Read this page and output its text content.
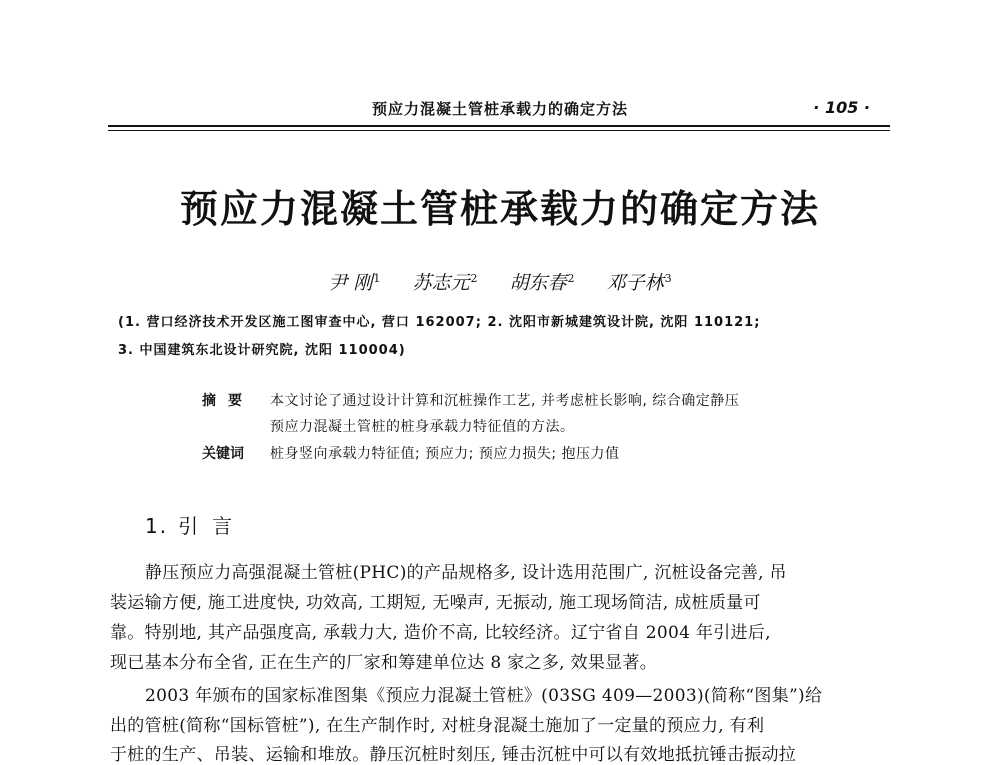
预应力混凝土管桩承载力的确定方法	· 105 ·
预应力混凝土管桩承载力的确定方法
尹 刚$^1$ 苏志元$^2$ 胡东春$^2$ 邓子林$^3$
(1. 营口经济技术开发区施工图审查中心, 营口 162007; 2. 沈阳市新城建筑设计院, 沈阳 110121;
3. 中国建筑东北设计研究院, 沈阳 110004)
摘要 本文讨论了通过设计计算和沉桩操作工艺, 并考虑桩长影响, 综合确定静压
预应力混凝土管桩的桩身承载力特征值的方法。
关键词 桩身竖向承载力特征值; 预应力; 预应力损失; 抱压力值
1. 引言
静压预应力高强混凝土管桩(PHC)的产品规格多, 设计选用范围广, 沉桩设备完善, 吊
装运输方便, 施工进度快, 功效高, 工期短, 无噪声, 无振动, 施工现场简洁, 成桩质量可
靠。特别地, 其产品强度高, 承载力大, 造价不高, 比较经济。辽宁省自 2004 年引进后,
现已基本分布全省, 正在生产的厂家和筹建单位达 8 家之多, 效果显著。
2003 年颁布的国家标准图集《预应力混凝土管桩》(03SG 409—2003)(简称“图集”)给
出的管桩(简称“国标管桩”), 在生产制作时, 对桩身混凝土施加了一定量的预应力, 有利
于桩的生产、吊装、运输和堆放。静压沉桩时刻压, 锤击沉桩中可以有效地抵抗锤击振动拉
